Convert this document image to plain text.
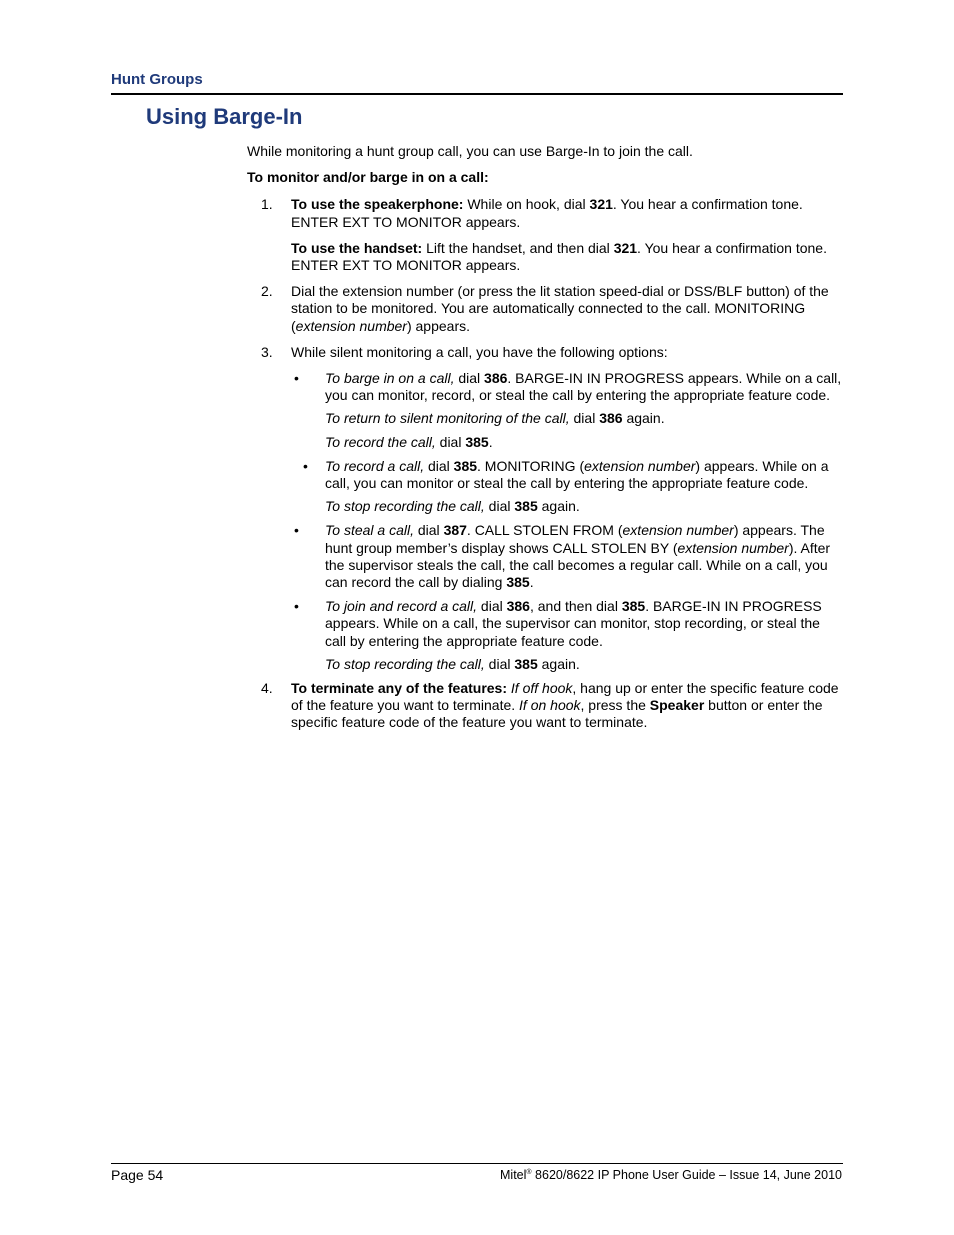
Hunt Groups
Using Barge-In

While monitoring a hunt group call, you can use Barge-In to join the call.

To monitor and/or barge in on a call:

1. To use the speakerphone: While on hook, dial 321. You hear a confirmation tone. ENTER EXT TO MONITOR appears.

To use the handset: Lift the handset, and then dial 321. You hear a confirmation tone. ENTER EXT TO MONITOR appears.

2. Dial the extension number (or press the lit station speed-dial or DSS/BLF button) of the station to be monitored. You are automatically connected to the call. MONITORING (extension number) appears.

3. While silent monitoring a call, you have the following options:

• To barge in on a call, dial 386. BARGE-IN IN PROGRESS appears. While on a call, you can monitor, record, or steal the call by entering the appropriate feature code.

To return to silent monitoring of the call, dial 386 again.

To record the call, dial 385.

• To record a call, dial 385. MONITORING (extension number) appears. While on a call, you can monitor or steal the call by entering the appropriate feature code.

To stop recording the call, dial 385 again.

• To steal a call, dial 387. CALL STOLEN FROM (extension number) appears. The hunt group member’s display shows CALL STOLEN BY (extension number). After the supervisor steals the call, the call becomes a regular call. While on a call, you can record the call by dialing 385.

• To join and record a call, dial 386, and then dial 385. BARGE-IN IN PROGRESS appears. While on a call, the supervisor can monitor, stop recording, or steal the call by entering the appropriate feature code.

To stop recording the call, dial 385 again.

4. To terminate any of the features: If off hook, hang up or enter the specific feature code of the feature you want to terminate. If on hook, press the Speaker button or enter the specific feature code of the feature you want to terminate.

Page 54	Mitel® 8620/8622 IP Phone User Guide – Issue 14, June 2010
